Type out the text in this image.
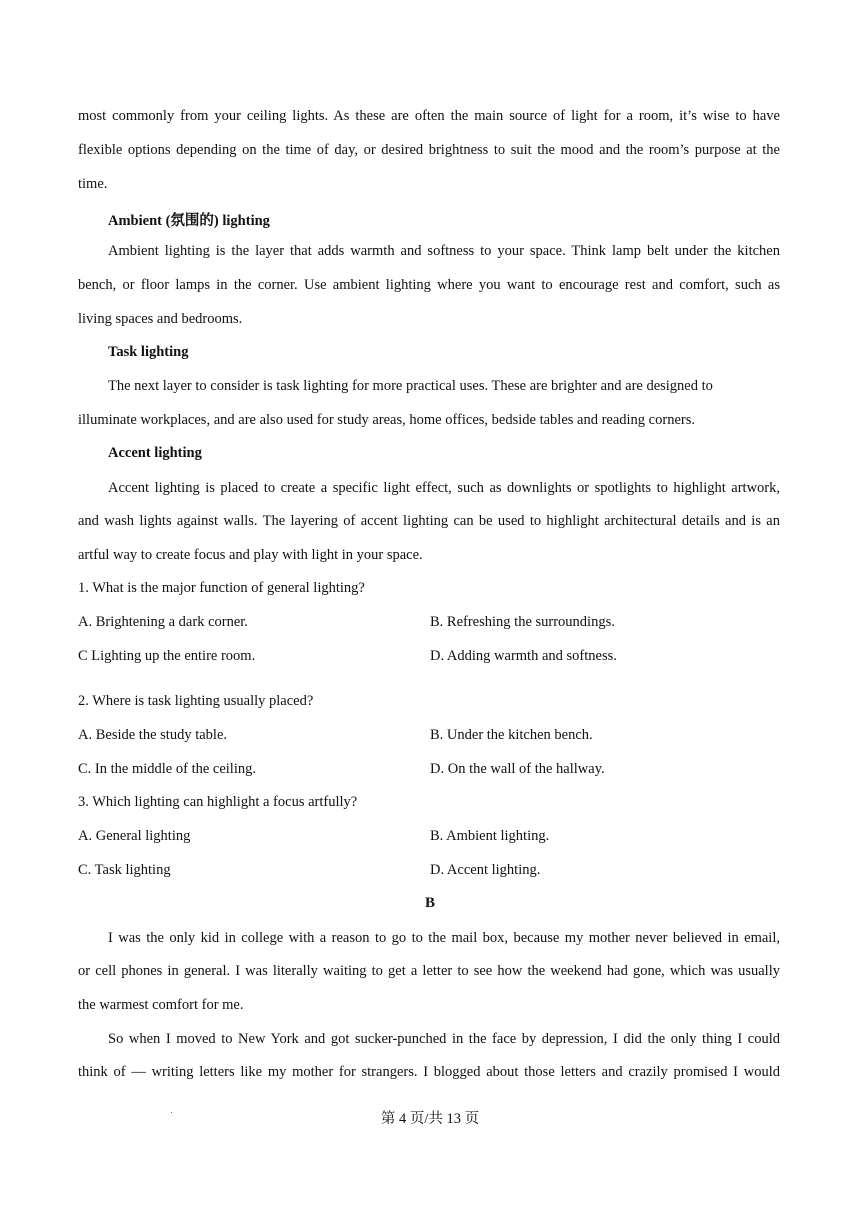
most commonly from your ceiling lights. As these are often the main source of light for a room, it’s wise to have
flexible options depending on the time of day, or desired brightness to suit the mood and the room’s purpose at the
time.
Ambient (氛围的) lighting
Ambient lighting is the layer that adds warmth and softness to your space. Think lamp belt under the kitchen
bench, or floor lamps in the corner. Use ambient lighting where you want to encourage rest and comfort, such as
living spaces and bedrooms.
Task lighting
The next layer to consider is task lighting for more practical uses. These are brighter and are designed to
illuminate workplaces, and are also used for study areas, home offices, bedside tables and reading corners.
Accent lighting
Accent lighting is placed to create a specific light effect, such as downlights or spotlights to highlight artwork,
and wash lights against walls. The layering of accent lighting can be used to highlight architectural details and is an
artful way to create focus and play with light in your space.
1. What is the major function of general lighting?
A. Brightening a dark corner.	B. Refreshing the surroundings.
C Lighting up the entire room.	D. Adding warmth and softness.
2. Where is task lighting usually placed?
A. Beside the study table.	B. Under the kitchen bench.
C. In the middle of the ceiling.	D. On the wall of the hallway.
3. Which lighting can highlight a focus artfully?
A. General lighting	B. Ambient lighting.
C. Task lighting	D. Accent lighting.
B
I was the only kid in college with a reason to go to the mail box, because my mother never believed in email,
or cell phones in general. I was literally waiting to get a letter to see how the weekend had gone, which was usually
the warmest comfort for me.
So when I moved to New York and got sucker-punched in the face by depression, I did the only thing I could
think of — writing letters like my mother for strangers. I blogged about those letters and crazily promised I would
第 4 页/共 13 页
